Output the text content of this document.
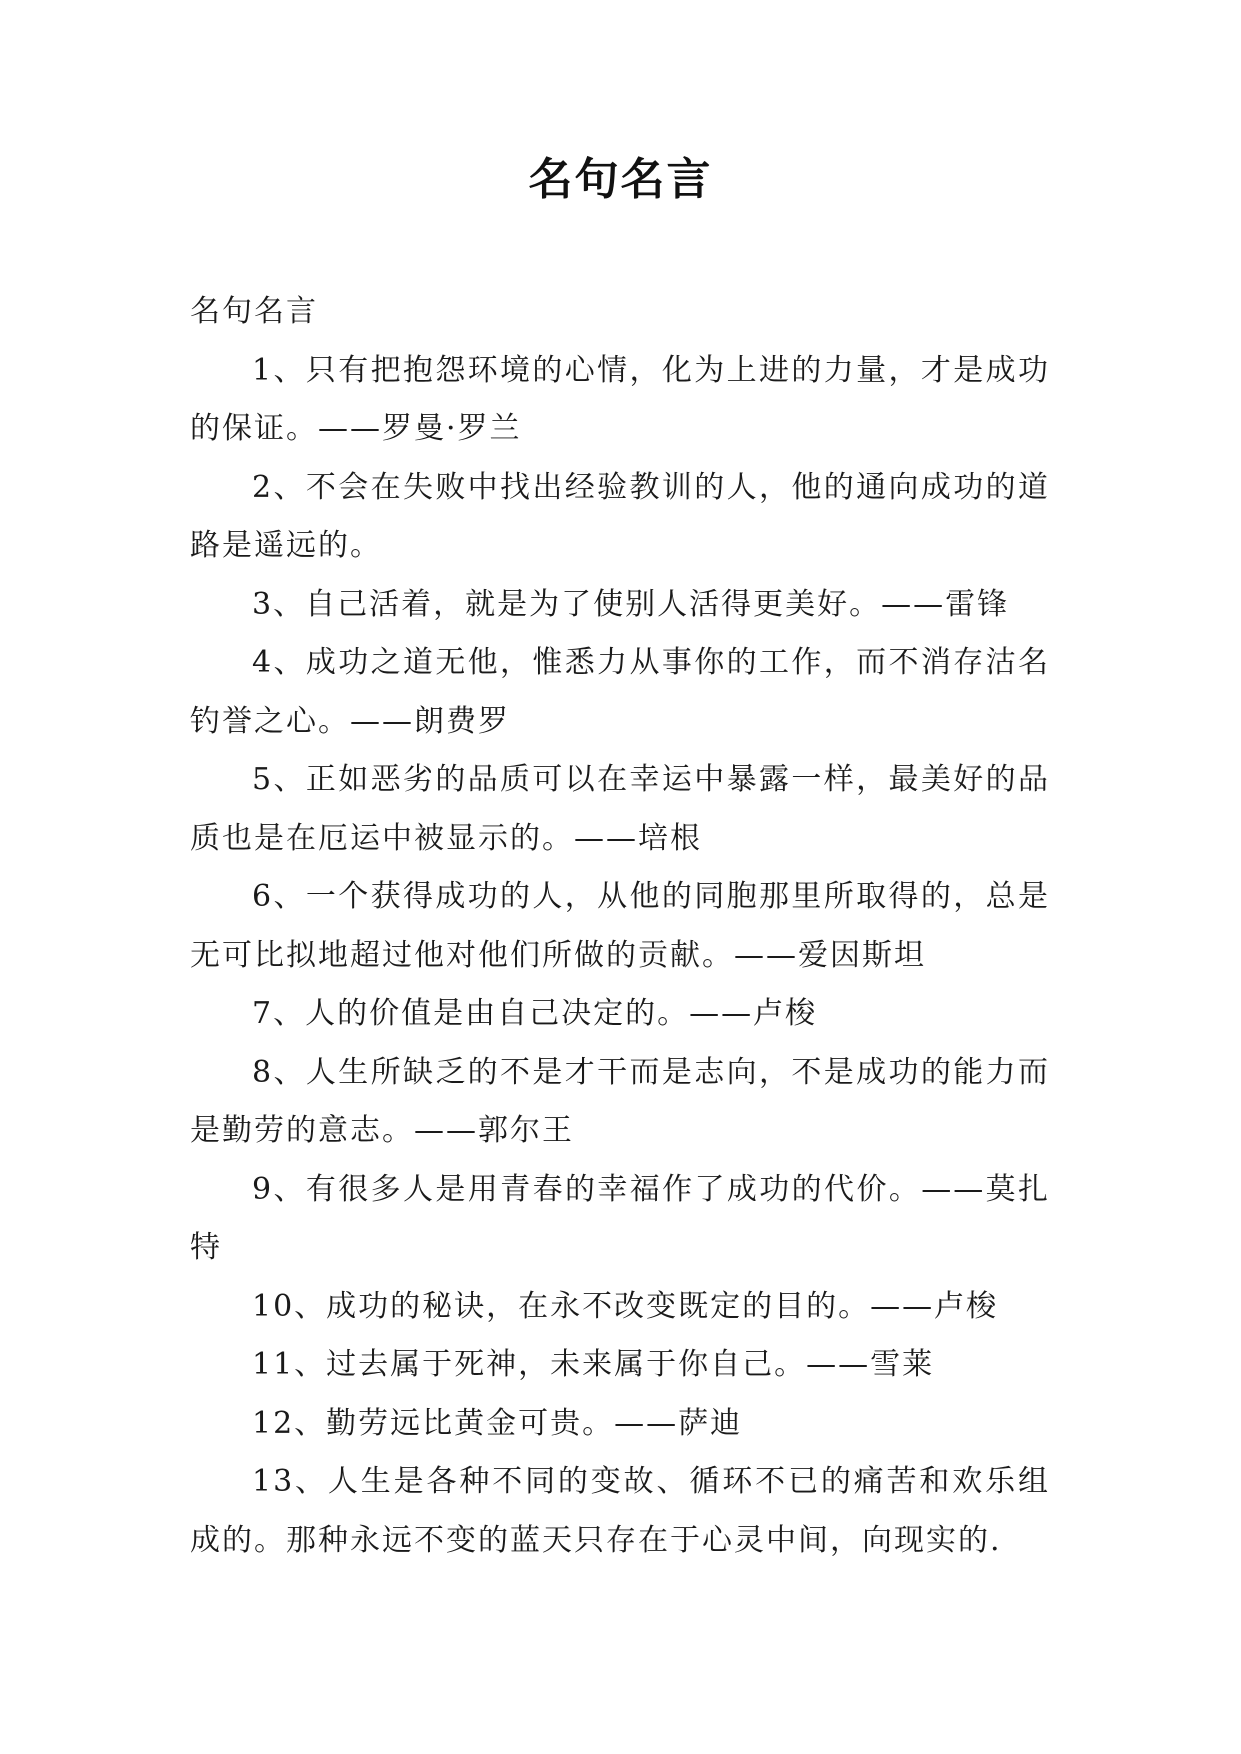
名句名言

名句名言

1、只有把抱怨环境的心情，化为上进的力量，才是成功的保证。——罗曼·罗兰

2、不会在失败中找出经验教训的人，他的通向成功的道路是遥远的。

3、自己活着，就是为了使别人活得更美好。——雷锋

4、成功之道无他，惟悉力从事你的工作，而不消存沽名钓誉之心。——朗费罗

5、正如恶劣的品质可以在幸运中暴露一样，最美好的品质也是在厄运中被显示的。——培根

6、一个获得成功的人，从他的同胞那里所取得的，总是无可比拟地超过他对他们所做的贡献。——爱因斯坦

7、人的价值是由自己决定的。——卢梭

8、人生所缺乏的不是才干而是志向，不是成功的能力而是勤劳的意志。——郭尔王

9、有很多人是用青春的幸福作了成功的代价。——莫扎特

10、成功的秘诀，在永不改变既定的目的。——卢梭

11、过去属于死神，未来属于你自己。——雪莱

12、勤劳远比黄金可贵。——萨迪

13、人生是各种不同的变故、循环不已的痛苦和欢乐组成的。那种永远不变的蓝天只存在于心灵中间，向现实的.
